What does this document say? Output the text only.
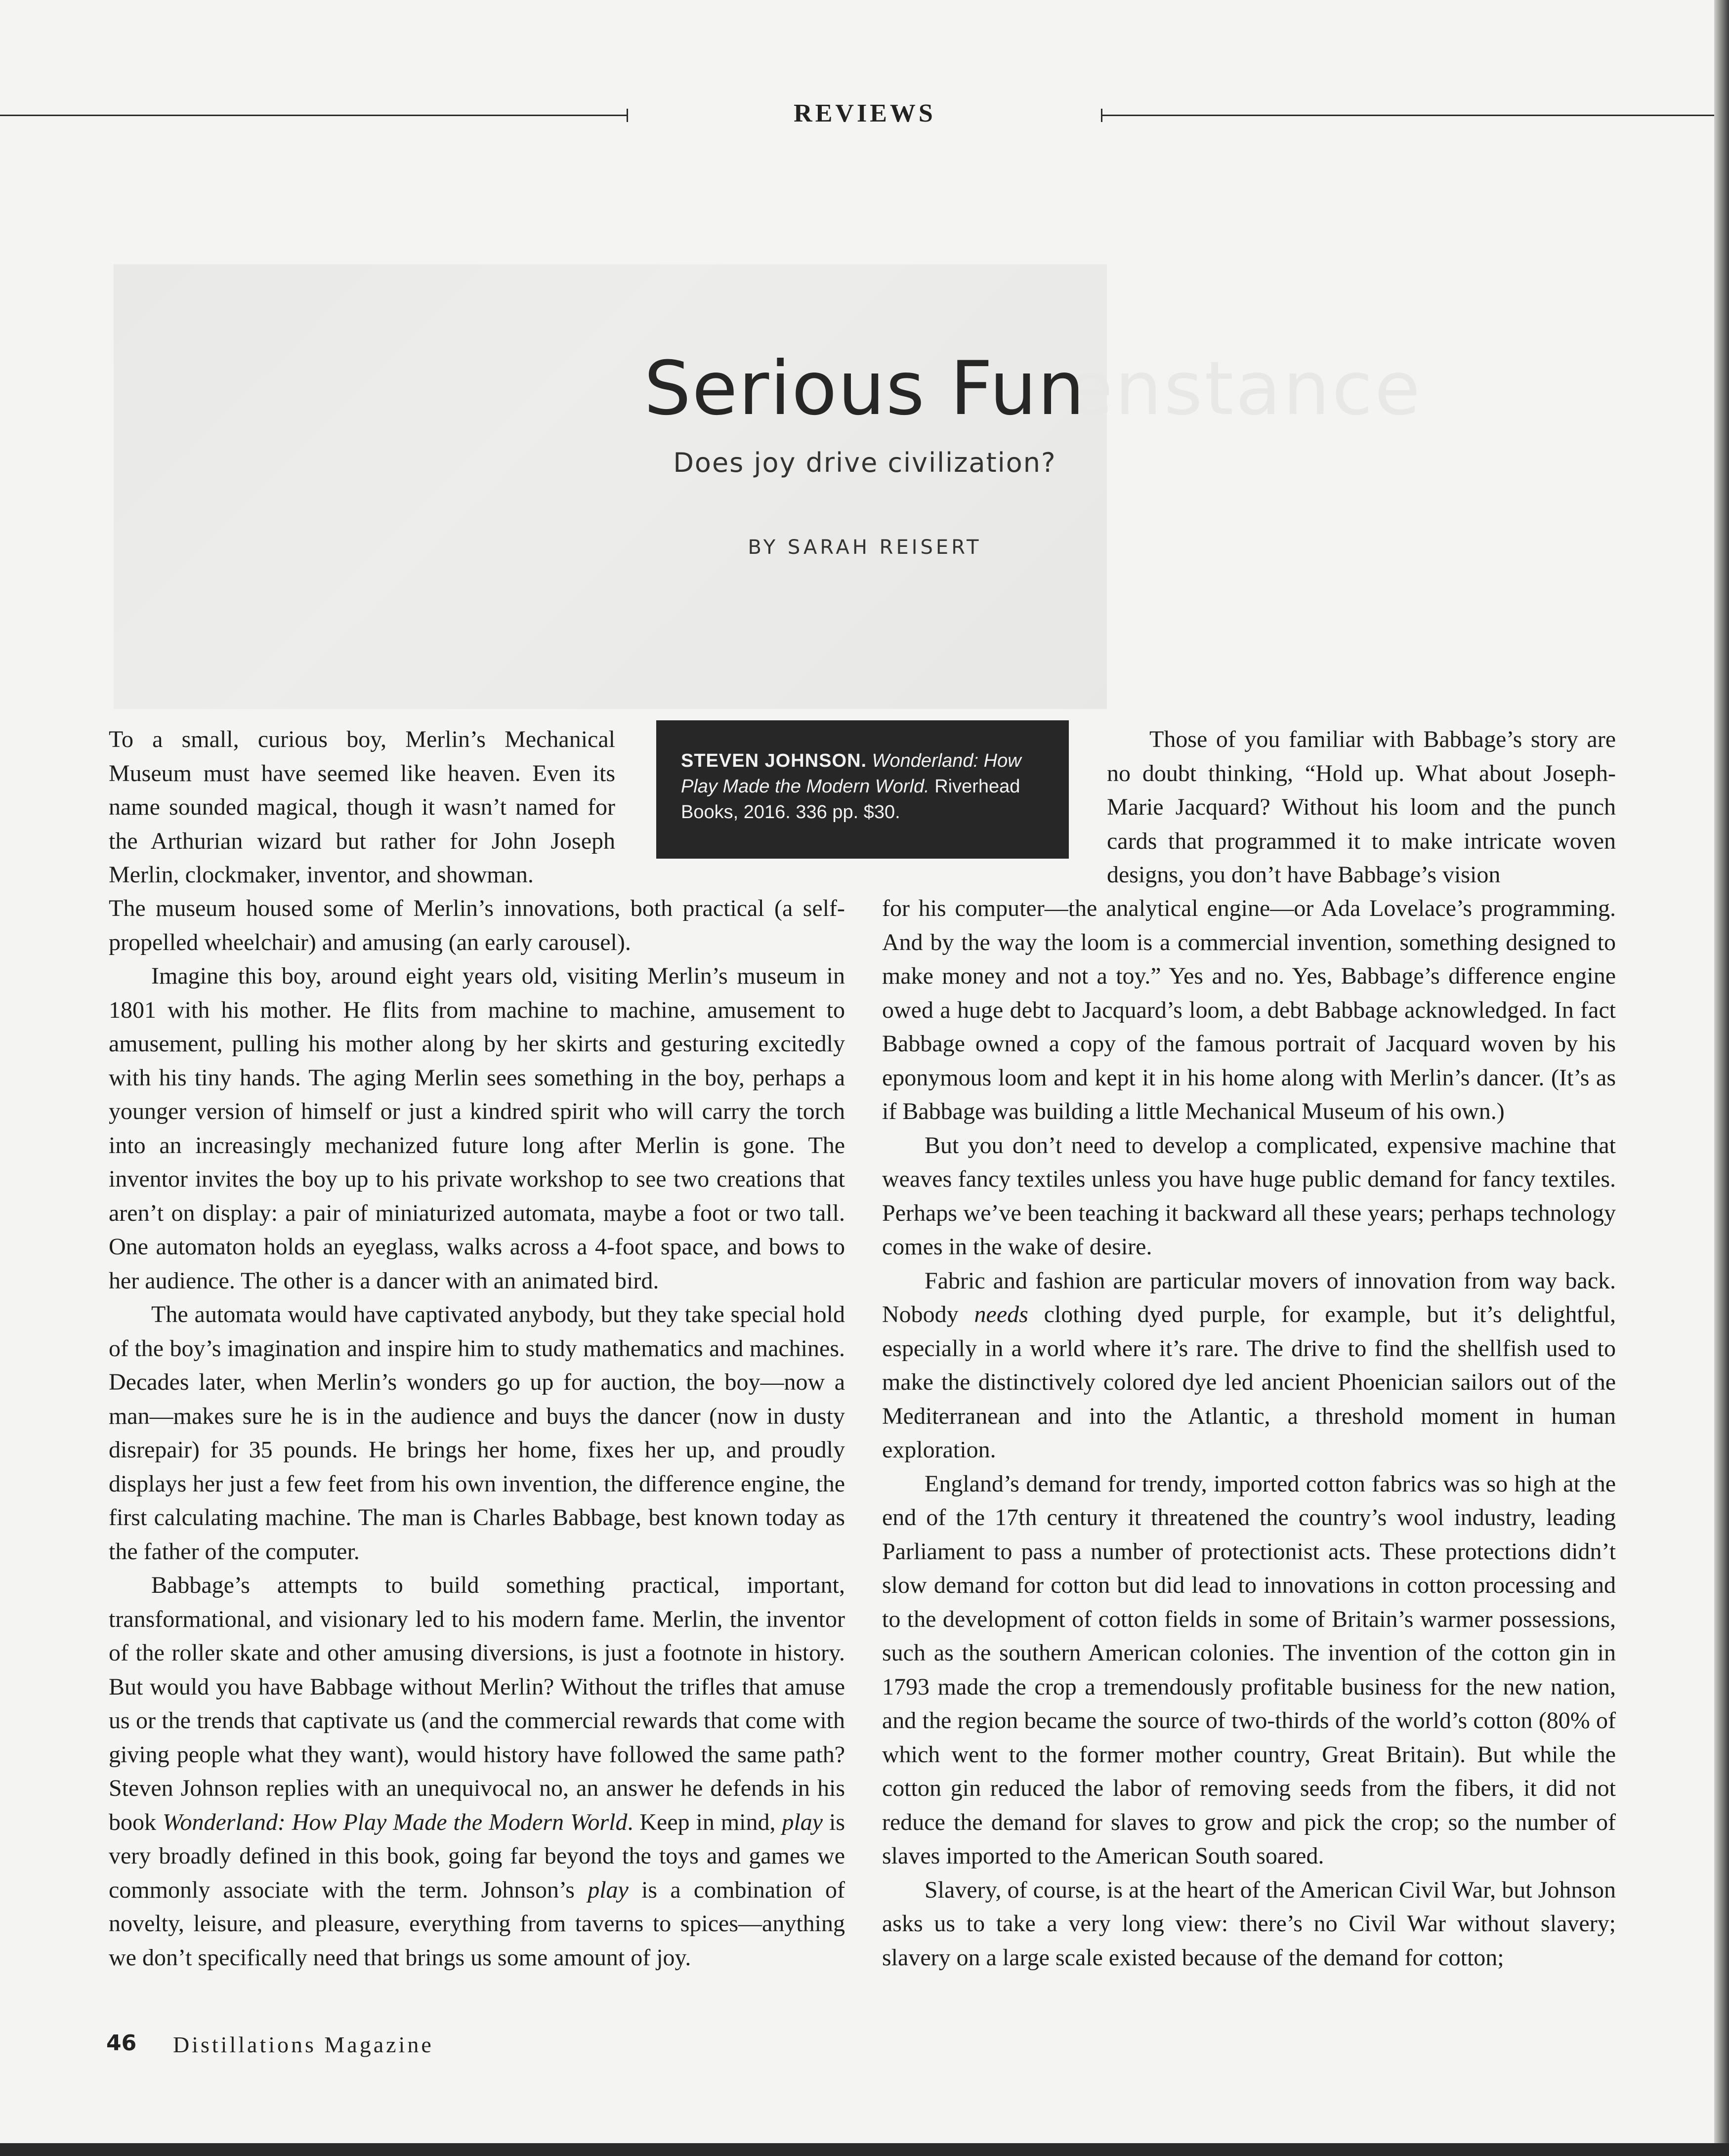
enstance
REVIEWS
Serious Fun
Does joy drive civilization?
BY SARAH REISERT
STEVEN JOHNSON. Wonderland: How Play Made the Modern World. Riverhead Books, 2016. 336 pp. $30.

To a small, curious boy, Merlin’s Mechanical Museum must have seemed like heaven. Even its name sounded magical, though it wasn’t named for the Arthurian wizard but rather for John Joseph Merlin, clockmaker, inventor, and showman.

The museum housed some of Merlin’s innovations, both practical (a self-propelled wheelchair) and amusing (an early carousel).

Imagine this boy, around eight years old, visiting Merlin’s museum in 1801 with his mother. He flits from machine to machine, amusement to amusement, pulling his mother along by her skirts and gesturing excitedly with his tiny hands. The aging Merlin sees something in the boy, perhaps a younger version of himself or just a kindred spirit who will carry the torch into an increasingly mechanized future long after Merlin is gone. The inventor invites the boy up to his private workshop to see two creations that aren’t on display: a pair of miniaturized automata, maybe a foot or two tall. One automaton holds an eyeglass, walks across a 4-foot space, and bows to her audience. The other is a dancer with an animated bird.

The automata would have captivated anybody, but they take special hold of the boy’s imagination and inspire him to study mathematics and machines. Decades later, when Merlin’s wonders go up for auction, the boy—now a man—makes sure he is in the audience and buys the dancer (now in dusty disrepair) for 35 pounds. He brings her home, fixes her up, and proudly displays her just a few feet from his own invention, the difference engine, the first calculating machine. The man is Charles Babbage, best known today as the father of the computer.

Babbage’s attempts to build something practical, important, transformational, and visionary led to his modern fame. Merlin, the inventor of the roller skate and other amusing diversions, is just a footnote in history. But would you have Babbage without Merlin? Without the trifles that amuse us or the trends that captivate us (and the commercial rewards that come with giving people what they want), would history have followed the same path? Steven Johnson replies with an unequivocal no, an answer he defends in his book Wonderland: How Play Made the Modern World. Keep in mind, play is very broadly defined in this book, going far beyond the toys and games we commonly associate with the term. Johnson’s play is a combination of novelty, leisure, and pleasure, everything from taverns to spices—anything we don’t specifically need that brings us some amount of joy.

Those of you familiar with Babbage’s story are no doubt thinking, “Hold up. What about Joseph-Marie Jacquard? Without his loom and the punch cards that programmed it to make intricate woven designs, you don’t have Babbage’s vision

for his computer—the analytical engine—or Ada Lovelace’s programming. And by the way the loom is a commercial invention, something designed to make money and not a toy.” Yes and no. Yes, Babbage’s difference engine owed a huge debt to Jacquard’s loom, a debt Babbage acknowledged. In fact Babbage owned a copy of the famous portrait of Jacquard woven by his eponymous loom and kept it in his home along with Merlin’s dancer. (It’s as if Babbage was building a little Mechanical Museum of his own.)

But you don’t need to develop a complicated, expensive machine that weaves fancy textiles unless you have huge public demand for fancy textiles. Perhaps we’ve been teaching it backward all these years; perhaps technology comes in the wake of desire.

Fabric and fashion are particular movers of innovation from way back. Nobody needs clothing dyed purple, for example, but it’s delightful, especially in a world where it’s rare. The drive to find the shellfish used to make the distinctively colored dye led ancient Phoenician sailors out of the Mediterranean and into the Atlantic, a threshold moment in human exploration.

England’s demand for trendy, imported cotton fabrics was so high at the end of the 17th century it threatened the country’s wool industry, leading Parliament to pass a number of protectionist acts. These protections didn’t slow demand for cotton but did lead to innovations in cotton processing and to the development of cotton fields in some of Britain’s warmer possessions, such as the southern American colonies. The invention of the cotton gin in 1793 made the crop a tremendously profitable business for the new nation, and the region became the source of two-thirds of the world’s cotton (80% of which went to the former mother country, Great Britain). But while the cotton gin reduced the labor of removing seeds from the fibers, it did not reduce the demand for slaves to grow and pick the crop; so the number of slaves imported to the American South soared.

Slavery, of course, is at the heart of the American Civil War, but Johnson asks us to take a very long view: there’s no Civil War without slavery; slavery on a large scale existed because of the demand for cotton;

46 Distillations Magazine
